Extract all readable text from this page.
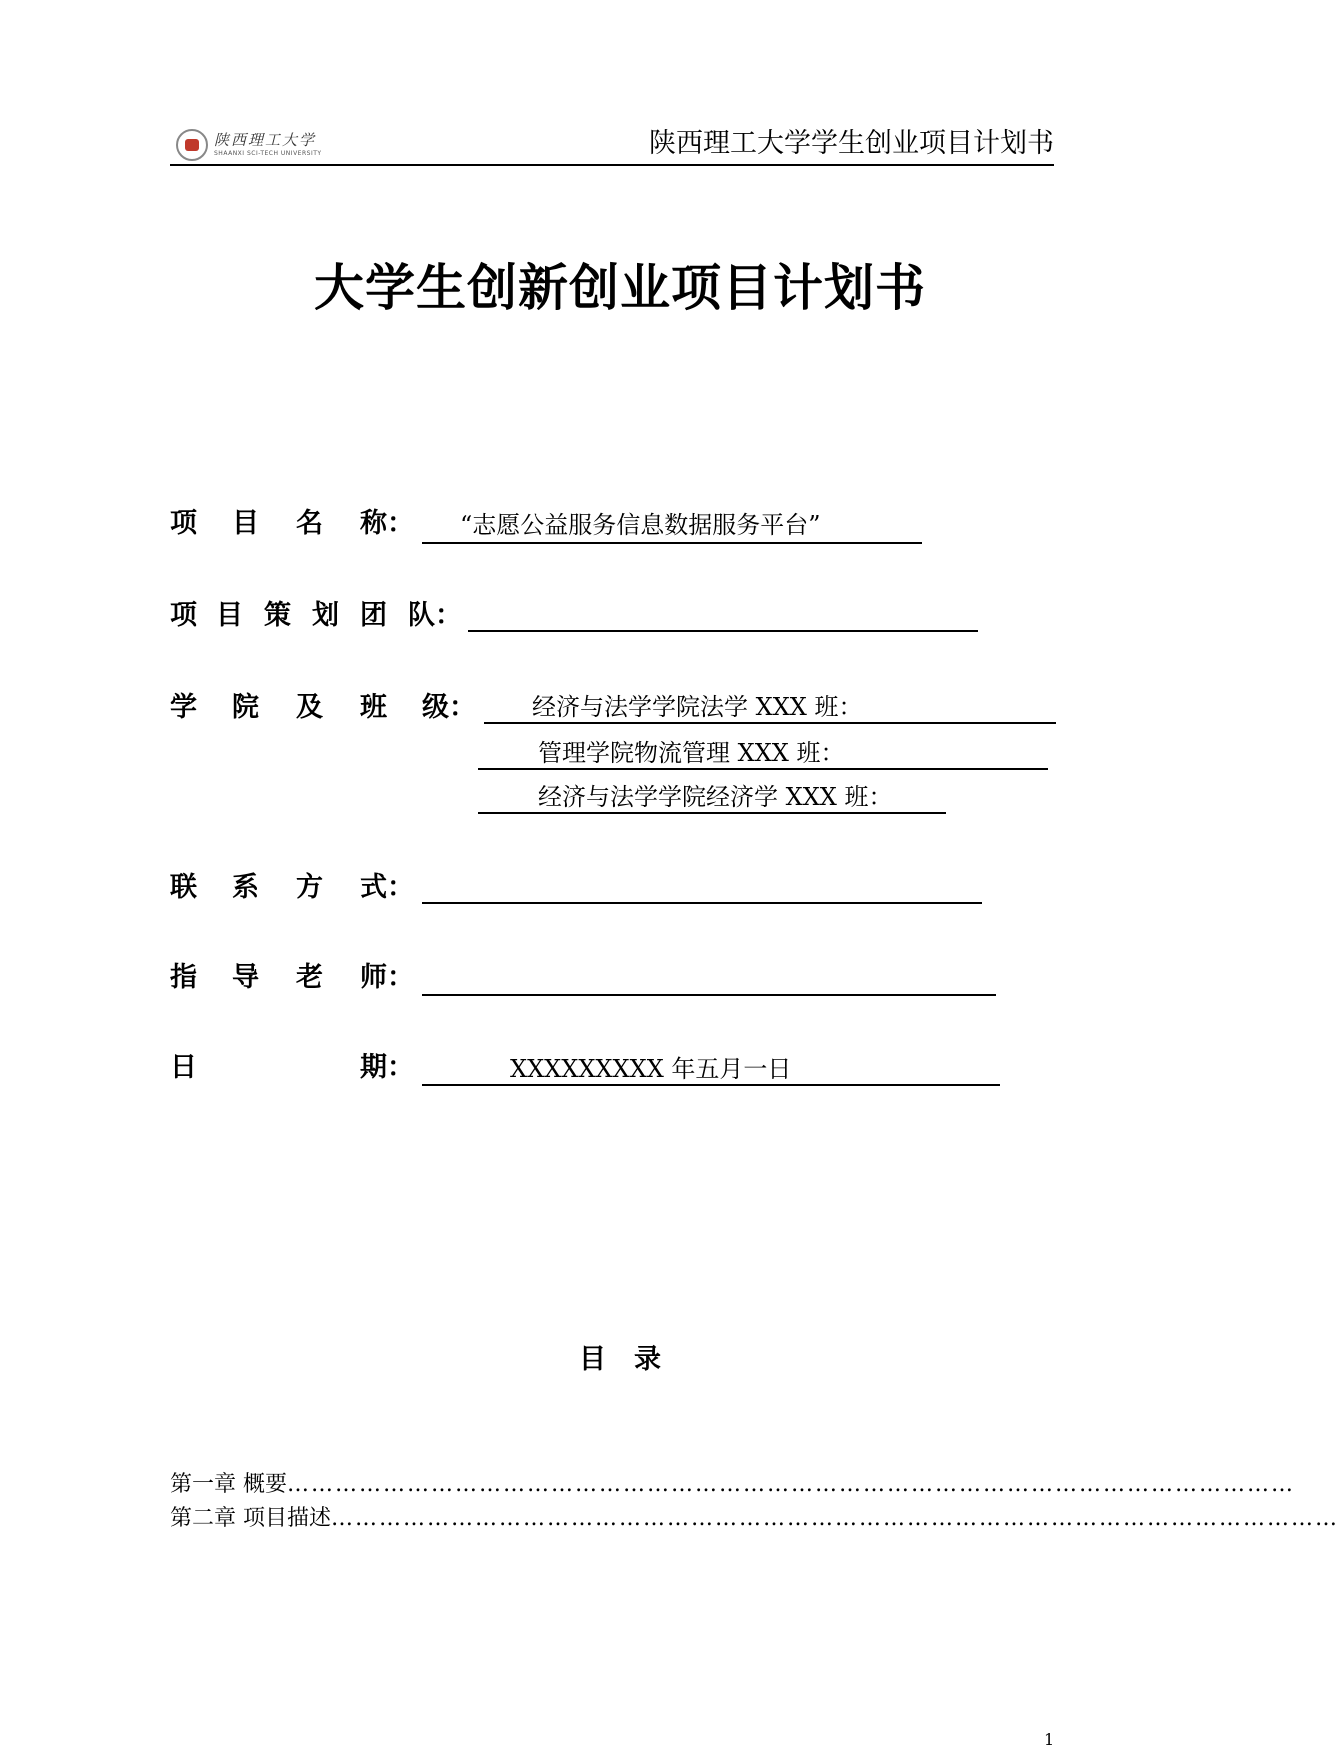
陕西理工大学
SHAANXI SCI-TECH UNIVERSITY	陕西理工大学学生创业项目计划书
大学生创新创业项目计划书
项 目 名 称： “志愿公益服务信息数据服务平台”
项 目 策 划 团 队：
学 院 及 班 级： 经济与法学学院法学 XXX 班：
管理学院物流管理 XXX 班：
经济与法学学院经济学 XXX 班：
联 系 方 式：
指 导 老 师：
日	期：	XXXXXXXXX 年五月一日
目录
第一章 概要 ………………………………………………………………………………………………………………
第二章 项目描述 ………………………………………………………………………………………………………………
1
